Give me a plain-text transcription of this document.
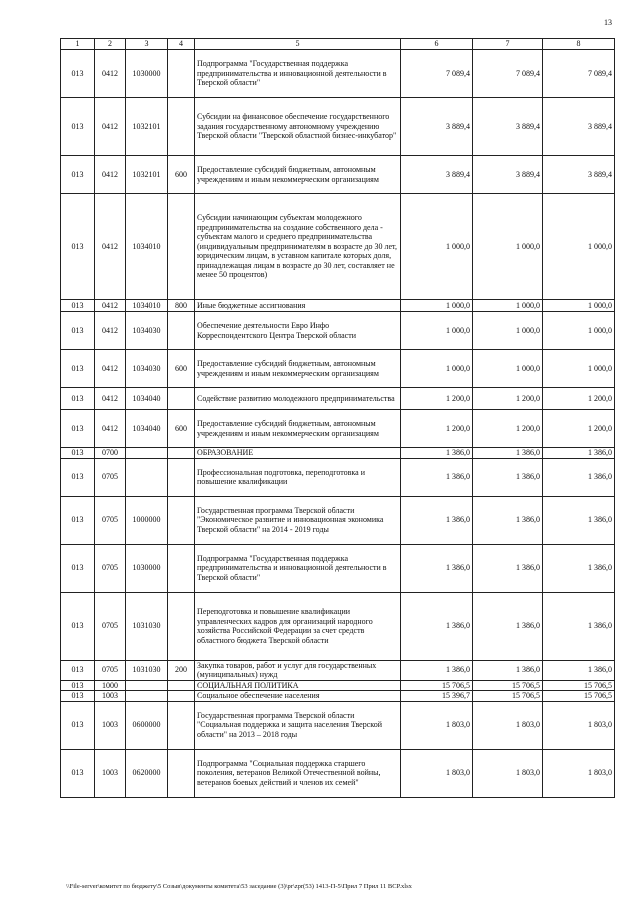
13
1	2	3	4	5	6	7	8
013	0412	1030000		Подпрограмма "Государственная поддержка предпринимательства и инновационной деятельности в Тверской области"	7 089,4	7 089,4	7 089,4
013	0412	1032101		Субсидии на финансовое обеспечение государственного задания государственному автономному учреждению Тверской области "Тверской областной бизнес-инкубатор"	3 889,4	3 889,4	3 889,4
013	0412	1032101	600	Предоставление субсидий бюджетным, автономным учреждениям и иным некоммерческим организациям	3 889,4	3 889,4	3 889,4
013	0412	1034010		Субсидии начинающим субъектам молодежного предпринимательства на создание собственного дела - субъектам малого и среднего предпринимательства (индивидуальным предпринимателям в возрасте до 30 лет, юридическим лицам, в уставном капитале которых доля, принадлежащая лицам в возрасте до 30 лет, составляет не менее 50 процентов)	1 000,0	1 000,0	1 000,0
013	0412	1034010	800	Иные бюджетные ассигнования	1 000,0	1 000,0	1 000,0
013	0412	1034030		Обеспечение деятельности Евро Инфо Корреспондентского Центра Тверской области	1 000,0	1 000,0	1 000,0
013	0412	1034030	600	Предоставление субсидий бюджетным, автономным учреждениям и иным некоммерческим организациям	1 000,0	1 000,0	1 000,0
013	0412	1034040		Содействие развитию молодежного предпринимательства	1 200,0	1 200,0	1 200,0
013	0412	1034040	600	Предоставление субсидий бюджетным, автономным учреждениям и иным некоммерческим организациям	1 200,0	1 200,0	1 200,0
013	0700			ОБРАЗОВАНИЕ	1 386,0	1 386,0	1 386,0
013	0705			Профессиональная подготовка, переподготовка и повышение квалификации	1 386,0	1 386,0	1 386,0
013	0705	1000000		Государственная программа Тверской области "Экономическое развитие и инновационная экономика Тверской области" на 2014 - 2019 годы	1 386,0	1 386,0	1 386,0
013	0705	1030000		Подпрограмма "Государственная поддержка предпринимательства и инновационной деятельности в Тверской области"	1 386,0	1 386,0	1 386,0
013	0705	1031030		Переподготовка и повышение квалификации управленческих кадров для организаций народного хозяйства Российской Федерации за счет средств областного бюджета Тверской области	1 386,0	1 386,0	1 386,0
013	0705	1031030	200	Закупка товаров, работ и услуг для государственных (муниципальных) нужд	1 386,0	1 386,0	1 386,0
013	1000			СОЦИАЛЬНАЯ ПОЛИТИКА	15 706,5	15 706,5	15 706,5
013	1003			Социальное обеспечение населения	15 396,7	15 706,5	15 706,5
013	1003	0600000		Государственная программа Тверской области "Социальная поддержка и защита населения Тверской области" на 2013 – 2018 годы	1 803,0	1 803,0	1 803,0
013	1003	0620000		Подпрограмма "Социальная поддержка старшего поколения, ветеранов Великой Отечественной войны, ветеранов боевых действий и членов их семей"	1 803,0	1 803,0	1 803,0
\\File-server\комитет по бюджету\5 Созыв\документы комитета\53 заседание (3)\pr\zpr(53) 1413-П-5\Прил 7 Прил 11 ВСР.xlsx
